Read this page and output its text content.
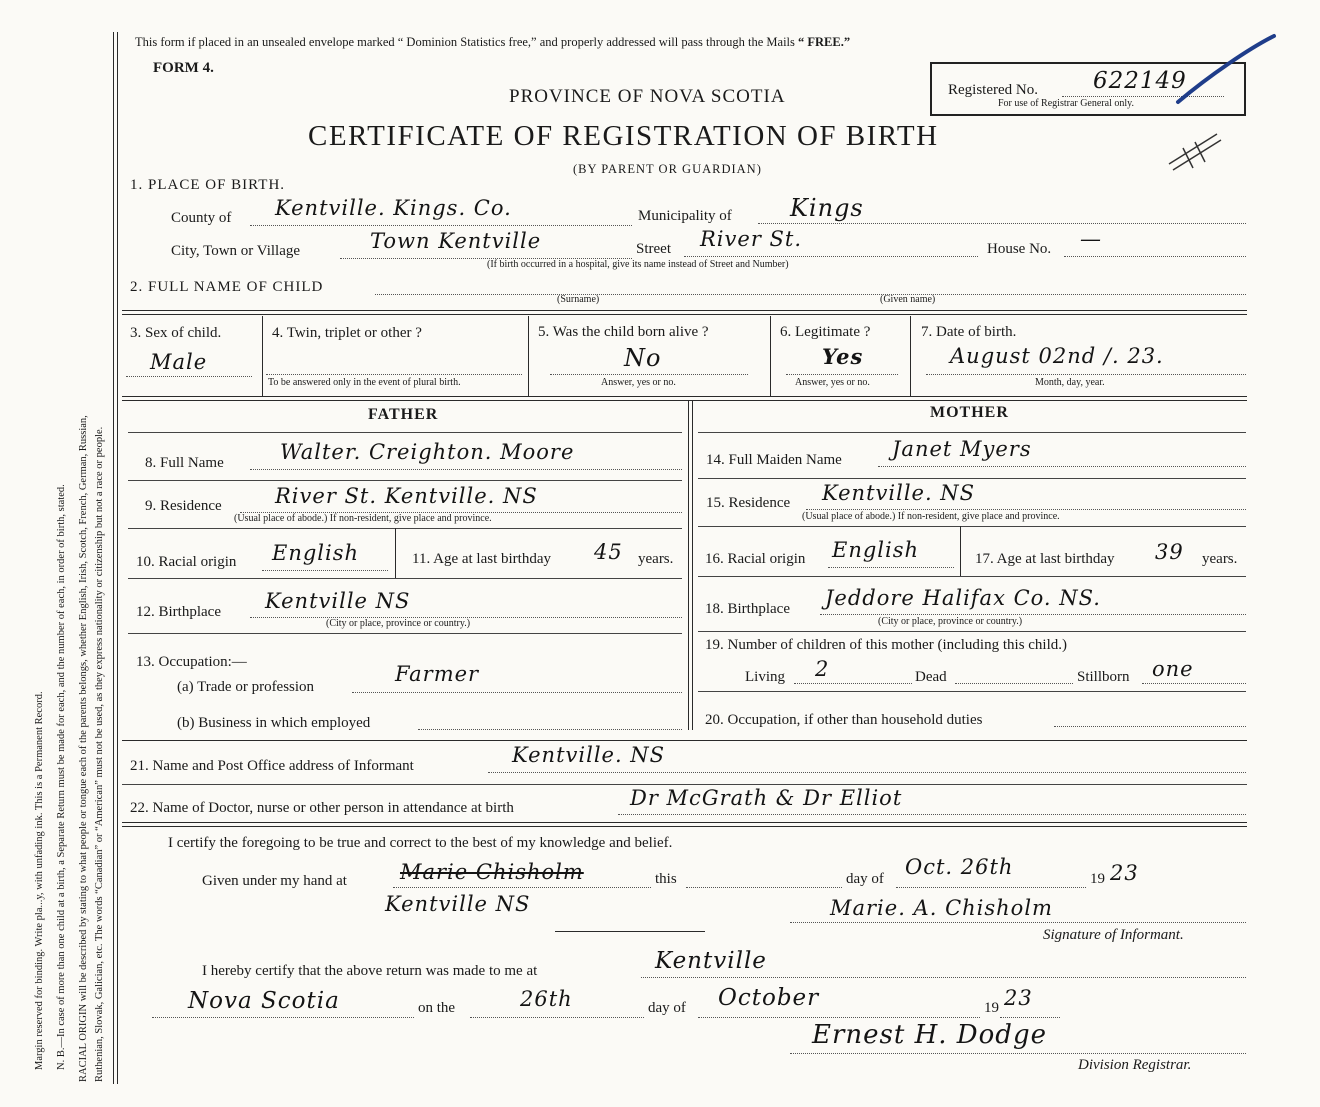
Margin reserved for binding. Write pla...y, with unfading ink. This is a Permanent Record. N. B.—In case of more than one child at a birth, a Separate Return must be made for each, and the number of each, in order of birth, stated. RACIAL ORIGIN will be described by stating to what people or tongue each of the parents belongs, whether English, Irish, Scotch, French, German, Russian, Ruthenian, Slovak, Galician, etc. The words “Canadian” or “American” must not be used, as they express nationality or citizenship but not a race or people.
This form if placed in an unsealed envelope marked “ Dominion Statistics free,” and properly addressed will pass through the Mails “ FREE.”
FORM 4.
PROVINCE OF NOVA SCOTIA
CERTIFICATE OF REGISTRATION OF BIRTH
(BY PARENT OR GUARDIAN)
Registered No. 622149
For use of Registrar General only.
1. PLACE OF BIRTH.
County of Kentville. Kings. Co.	Municipality of Kings
City, Town or Village	Town Kentville	Street River St.	House No. —
(If birth occurred in a hospital, give its name instead of Street and Number)
2. FULL NAME OF CHILD
(Surname)	(Given name)
3. Sex of child.
Male
4. Twin, triplet or other ?
To be answered only in the event of plural birth.
5. Was the child born alive ?
No
Answer, yes or no.
6. Legitimate ?
Yes
Answer, yes or no.
7. Date of birth.
August 02nd /. 23.
Month, day, year.
FATHER	MOTHER
8. Full Name	Walter. Creighton. Moore
9. Residence	River St. Kentville. NS
(Usual place of abode.) If non-resident, give place and province.
10. Racial origin English	11. Age at last birthday 45 years.
12. Birthplace Kentville NS
(City or place, province or country.)
13. Occupation:—
(a) Trade or profession
Farmer
(b) Business in which employed
14. Full Maiden Name Janet Myers
15. Residence Kentville. NS
(Usual place of abode.) If non-resident, give place and province.
16. Racial origin English	17. Age at last birthday 39 years.
18. Birthplace Jeddore Halifax Co. NS.
(City or place, province or country.)
19. Number of children of this mother (including this child.)
Living 2	Dead	Stillborn one
20. Occupation, if other than household duties
21. Name and Post Office address of Informant	Kentville. NS
22. Name of Doctor, nurse or other person in attendance at birth	Dr McGrath & Dr Elliot
I certify the foregoing to be true and correct to the best of my knowledge and belief.
Given under my hand at	Marie Chisholm	this	day of Oct. 26th	19 23
Kentville NS	Marie. A. Chisholm
Signature of Informant.
I hereby certify that the above return was made to me at	Kentville
Nova Scotia	on the	26th	day of October	19 23
Ernest H. Dodge
Division Registrar.
